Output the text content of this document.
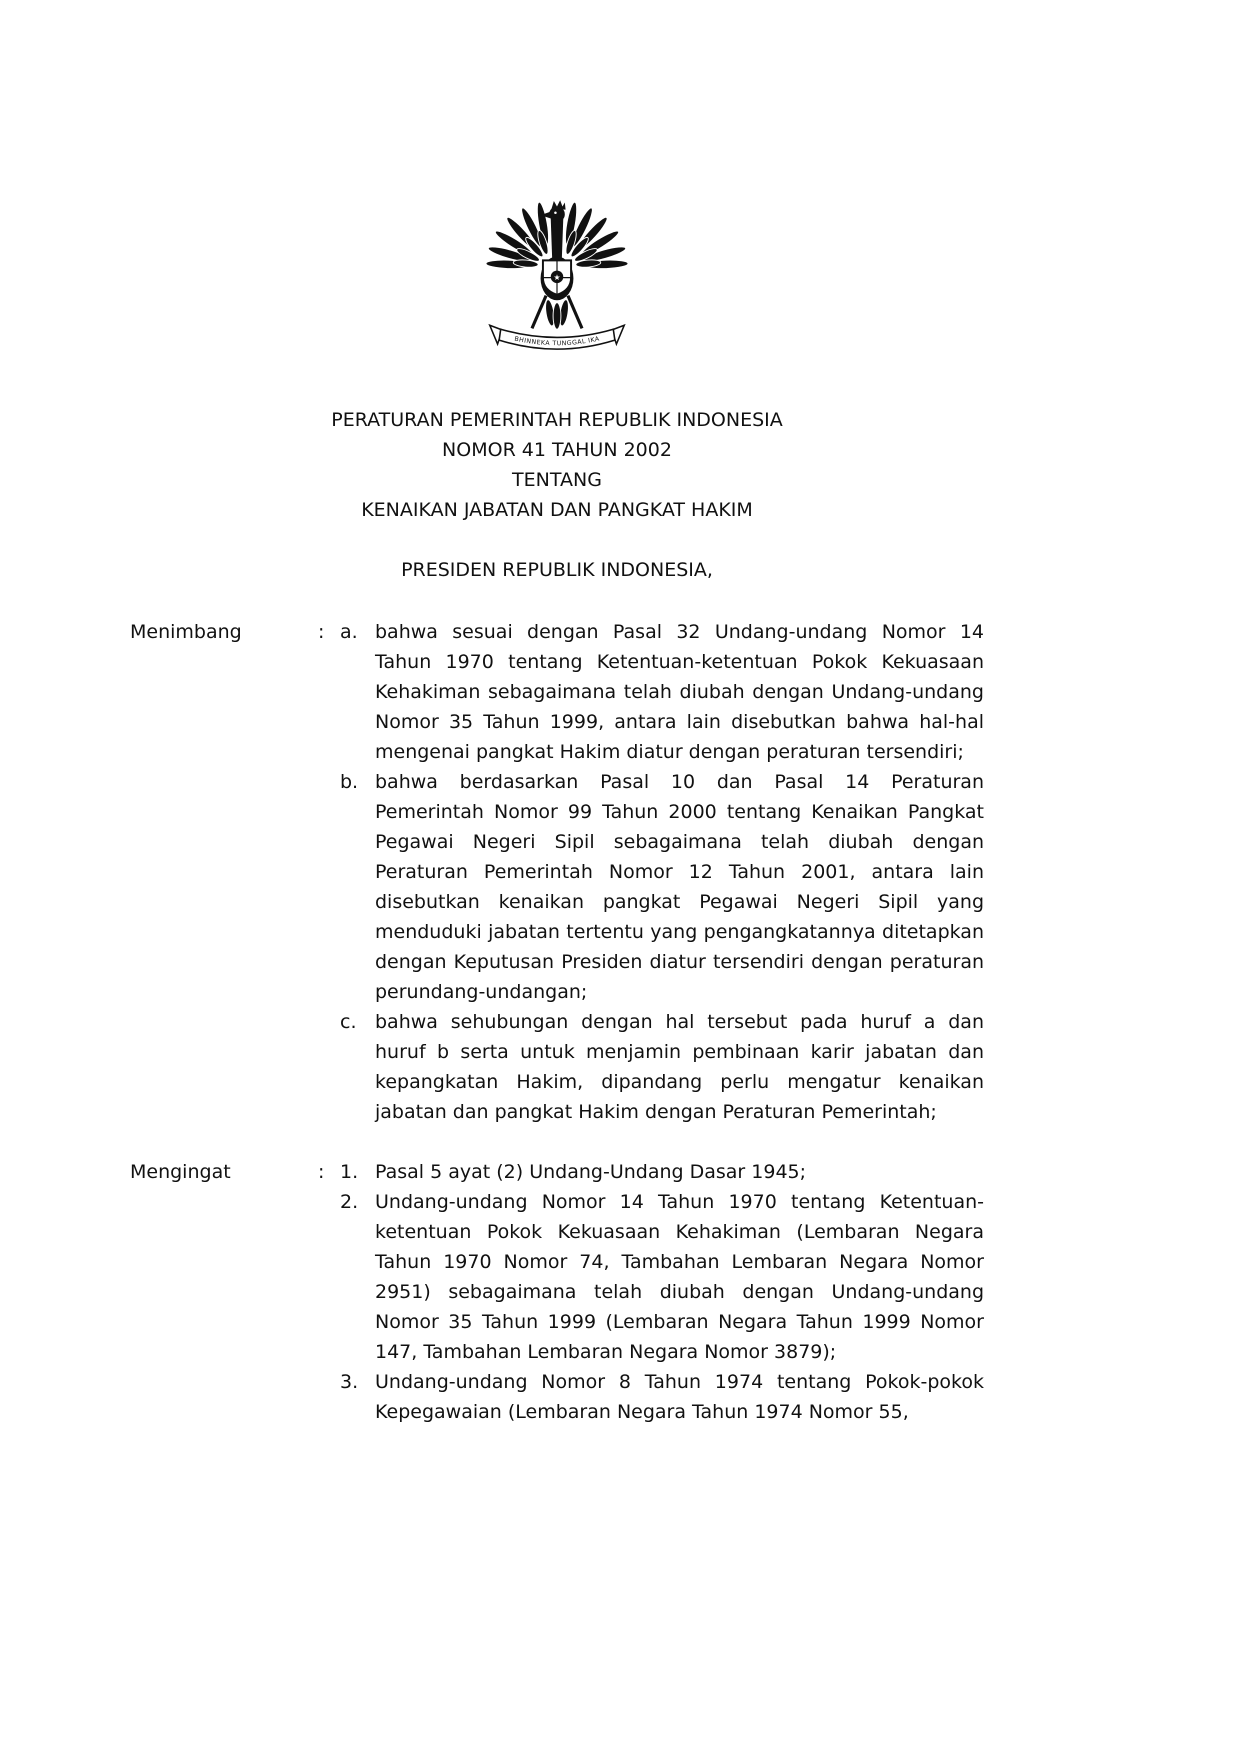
★
BHINNEKA TUNGGAL IKA
PERATURAN PEMERINTAH REPUBLIK INDONESIA
NOMOR 41 TAHUN 2002
TENTANG
KENAIKAN JABATAN DAN PANGKAT HAKIM
PRESIDEN REPUBLIK INDONESIA,
Menimbang	: a. bahwa sesuai dengan Pasal 32 Undang-undang Nomor 14 Tahun 1970 tentang Ketentuan-ketentuan Pokok Kekuasaan Kehakiman sebagaimana telah diubah dengan Undang-undang Nomor 35 Tahun 1999, antara lain disebutkan bahwa hal-hal mengenai pangkat Hakim diatur dengan peraturan tersendiri;
b. bahwa berdasarkan Pasal 10 dan Pasal 14 Peraturan Pemerintah Nomor 99 Tahun 2000 tentang Kenaikan Pangkat Pegawai Negeri Sipil sebagaimana telah diubah dengan Peraturan Pemerintah Nomor 12 Tahun 2001, antara lain disebutkan kenaikan pangkat Pegawai Negeri Sipil yang menduduki jabatan tertentu yang pengangkatannya ditetapkan dengan Keputusan Presiden diatur tersendiri dengan peraturan perundang-undangan;
c. bahwa sehubungan dengan hal tersebut pada huruf a dan huruf b serta untuk menjamin pembinaan karir jabatan dan kepangkatan Hakim, dipandang perlu mengatur kenaikan jabatan dan pangkat Hakim dengan Peraturan Pemerintah;
Mengingat	: 1. Pasal 5 ayat (2) Undang-Undang Dasar 1945;
2. Undang-undang Nomor 14 Tahun 1970 tentang Ketentuan-ketentuan Pokok Kekuasaan Kehakiman (Lembaran Negara Tahun 1970 Nomor 74, Tambahan Lembaran Negara Nomor 2951) sebagaimana telah diubah dengan Undang-undang Nomor 35 Tahun 1999 (Lembaran Negara Tahun 1999 Nomor 147, Tambahan Lembaran Negara Nomor 3879);
3. Undang-undang Nomor 8 Tahun 1974 tentang Pokok-pokok Kepegawaian (Lembaran Negara Tahun 1974 Nomor 55,
